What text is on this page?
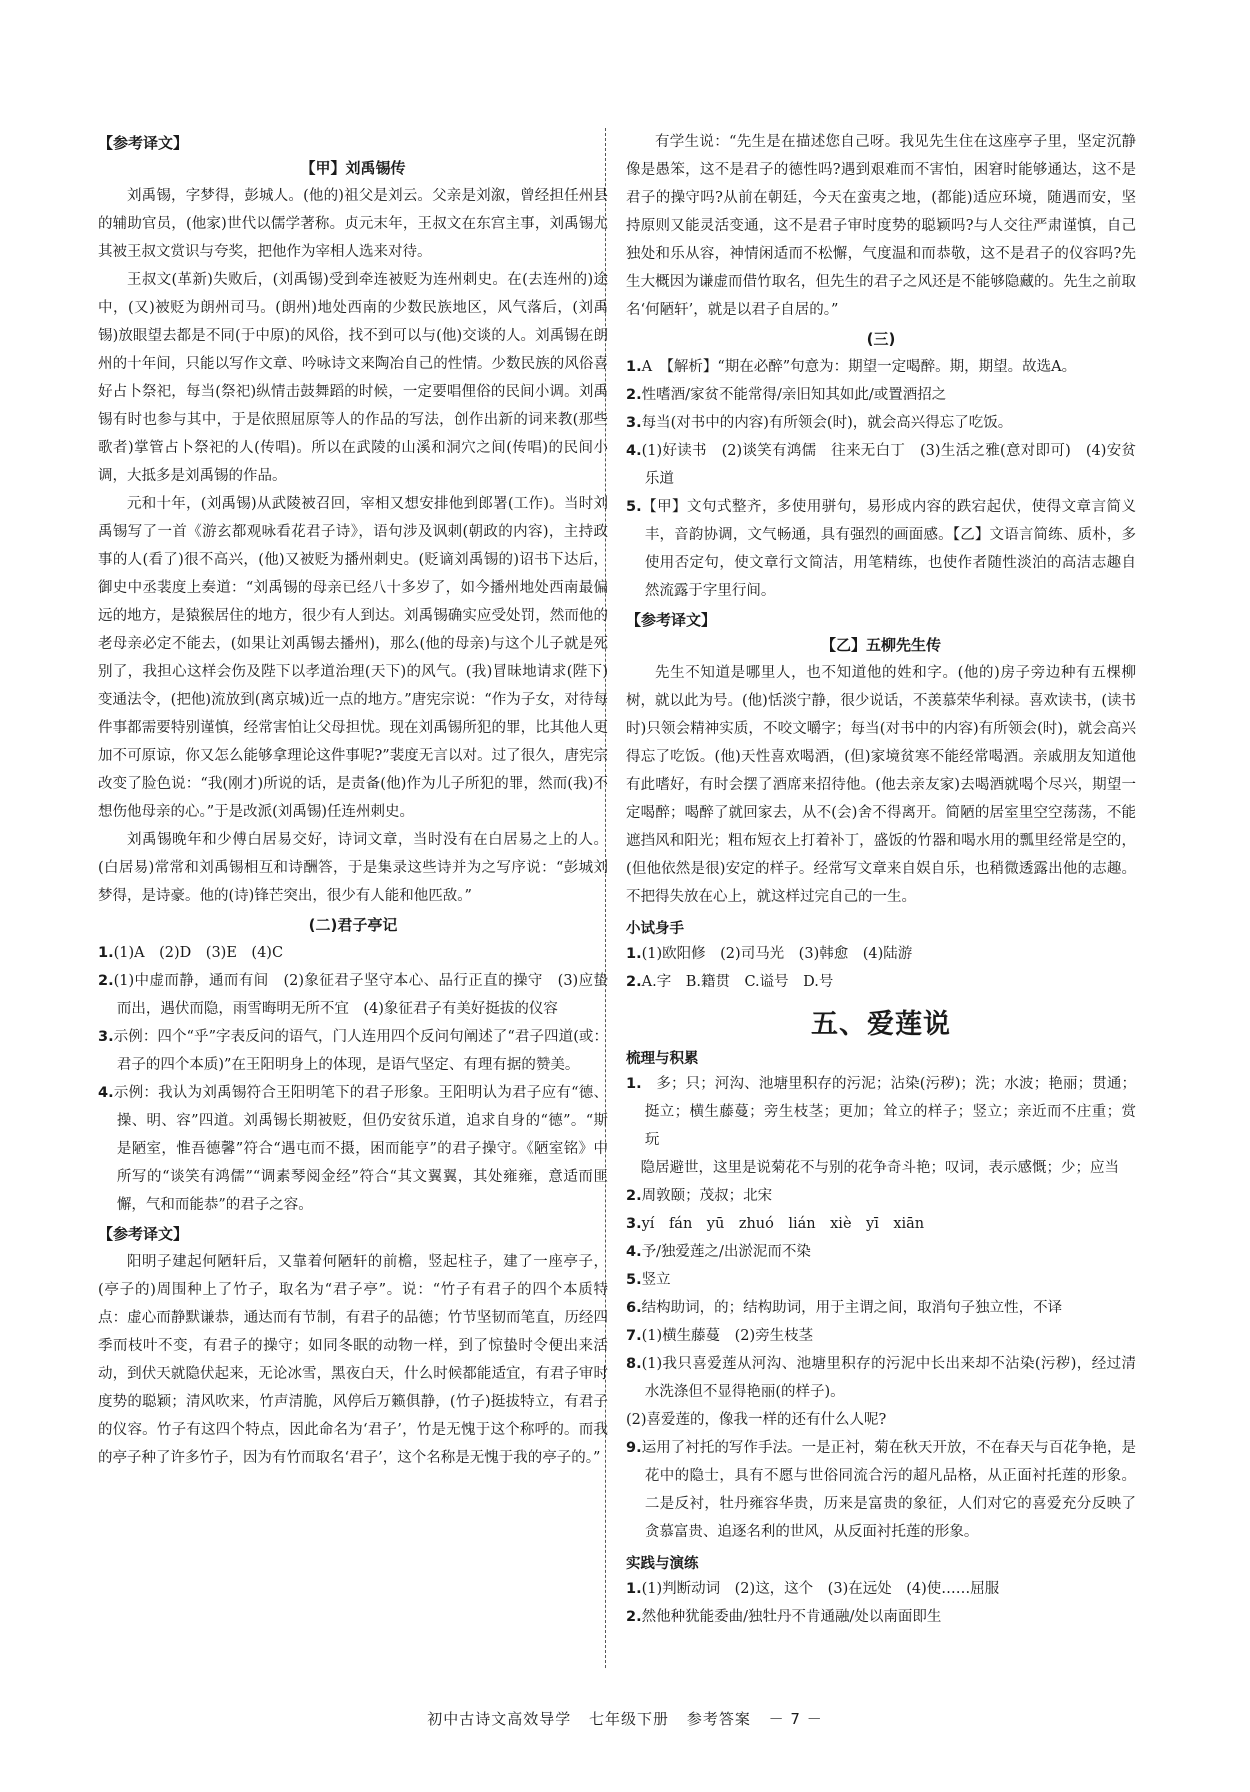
【参考译文】
【甲】刘禹锡传

刘禹锡，字梦得，彭城人。(他的)祖父是刘云。父亲是刘溆，曾经担任州县的辅助官员，(他家)世代以儒学著称。贞元末年，王叔文在东宫主事，刘禹锡尤其被王叔文赏识与夸奖，把他作为宰相人选来对待。

王叔文(革新)失败后，(刘禹锡)受到牵连被贬为连州刺史。在(去连州的)途中，(又)被贬为朗州司马。(朗州)地处西南的少数民族地区，风气落后，(刘禹锡)放眼望去都是不同(于中原)的风俗，找不到可以与(他)交谈的人。刘禹锡在朗州的十年间，只能以写作文章、吟咏诗文来陶冶自己的性情。少数民族的风俗喜好占卜祭祀，每当(祭祀)纵情击鼓舞蹈的时候，一定要唱俚俗的民间小调。刘禹锡有时也参与其中，于是依照屈原等人的作品的写法，创作出新的词来教(那些歌者)掌管占卜祭祀的人(传唱)。所以在武陵的山溪和洞穴之间(传唱)的民间小调，大抵多是刘禹锡的作品。

元和十年，(刘禹锡)从武陵被召回，宰相又想安排他到郎署(工作)。当时刘禹锡写了一首《游玄都观咏看花君子诗》，语句涉及讽刺(朝政的内容)，主持政事的人(看了)很不高兴，(他)又被贬为播州刺史。(贬谪刘禹锡的)诏书下达后，御史中丞裴度上奏道：“刘禹锡的母亲已经八十多岁了，如今播州地处西南最偏远的地方，是猿猴居住的地方，很少有人到达。刘禹锡确实应受处罚，然而他的老母亲必定不能去，(如果让刘禹锡去播州)，那么(他的母亲)与这个儿子就是死别了，我担心这样会伤及陛下以孝道治理(天下)的风气。(我)冒昧地请求(陛下)变通法令，(把他)流放到(离京城)近一点的地方。”唐宪宗说：“作为子女，对待每件事都需要特别谨慎，经常害怕让父母担忧。现在刘禹锡所犯的罪，比其他人更加不可原谅，你又怎么能够拿理论这件事呢?”裴度无言以对。过了很久，唐宪宗改变了脸色说：“我(刚才)所说的话，是责备(他)作为儿子所犯的罪，然而(我)不想伤他母亲的心。”于是改派(刘禹锡)任连州刺史。

刘禹锡晚年和少傅白居易交好，诗词文章，当时没有在白居易之上的人。(白居易)常常和刘禹锡相互和诗酬答，于是集录这些诗并为之写序说：“彭城刘梦得，是诗豪。他的(诗)锋芒突出，很少有人能和他匹敌。”

(二)君子亭记

1.(1)A　(2)D　(3)E　(4)C

2.(1)中虚而静，通而有间　(2)象征君子坚守本心、品行正直的操守　(3)应蛰而出，遇伏而隐，雨雪晦明无所不宜　(4)象征君子有美好挺拔的仪容

3.示例：四个“乎”字表反问的语气，门人连用四个反问句阐述了“君子四道(或：君子的四个本质)”在王阳明身上的体现，是语气坚定、有理有据的赞美。

4.示例：我认为刘禹锡符合王阳明笔下的君子形象。王阳明认为君子应有“德、操、明、容”四道。刘禹锡长期被贬，但仍安贫乐道，追求自身的“德”。“斯是陋室，惟吾德馨”符合“遇屯而不摄，困而能亨”的君子操守。《陋室铭》中所写的“谈笑有鸿儒”“调素琴阅金经”符合“其文翼翼，其处雍雍，意适而匪懈，气和而能恭”的君子之容。

【参考译文】

阳明子建起何陋轩后，又靠着何陋轩的前檐，竖起柱子，建了一座亭子，(亭子的)周围种上了竹子，取名为“君子亭”。说：“竹子有君子的四个本质特点：虚心而静默谦恭，通达而有节制，有君子的品德；竹节坚韧而笔直，历经四季而枝叶不变，有君子的操守；如同冬眠的动物一样，到了惊蛰时令便出来活动，到伏天就隐伏起来，无论冰雪，黑夜白天，什么时候都能适宜，有君子审时度势的聪颖；清风吹来，竹声清脆，风停后万籁俱静，(竹子)挺拔特立，有君子的仪容。竹子有这四个特点，因此命名为‘君子’，竹是无愧于这个称呼的。而我的亭子种了许多竹子，因为有竹而取名‘君子’，这个名称是无愧于我的亭子的。”

有学生说：“先生是在描述您自己呀。我见先生住在这座亭子里，坚定沉静像是愚笨，这不是君子的德性吗?遇到艰难而不害怕，困窘时能够通达，这不是君子的操守吗?从前在朝廷，今天在蛮夷之地，(都能)适应环境，随遇而安，坚持原则又能灵活变通，这不是君子审时度势的聪颖吗?与人交往严肃谨慎，自己独处和乐从容，神情闲适而不松懈，气度温和而恭敬，这不是君子的仪容吗?先生大概因为谦虚而借竹取名，但先生的君子之风还是不能够隐藏的。先生之前取名‘何陋轩’，就是以君子自居的。”

(三)

1.A　【解析】“期在必醉”句意为：期望一定喝醉。期，期望。故选A。

2.性嗜酒/家贫不能常得/亲旧知其如此/或置酒招之

3.每当(对书中的内容)有所领会(时)，就会高兴得忘了吃饭。

4.(1)好读书　(2)谈笑有鸿儒　往来无白丁　(3)生活之雅(意对即可)　(4)安贫乐道

5.【甲】文句式整齐，多使用骈句，易形成内容的跌宕起伏，使得文章言简义丰，音韵协调，文气畅通，具有强烈的画面感。【乙】文语言简练、质朴，多使用否定句，使文章行文简洁，用笔精练，也使作者随性淡泊的高洁志趣自然流露于字里行间。

【参考译文】
【乙】五柳先生传

先生不知道是哪里人，也不知道他的姓和字。(他的)房子旁边种有五棵柳树，就以此为号。(他)恬淡宁静，很少说话，不羡慕荣华利禄。喜欢读书，(读书时)只领会精神实质，不咬文嚼字；每当(对书中的内容)有所领会(时)，就会高兴得忘了吃饭。(他)天性喜欢喝酒，(但)家境贫寒不能经常喝酒。亲戚朋友知道他有此嗜好，有时会摆了酒席来招待他。(他去亲友家)去喝酒就喝个尽兴，期望一定喝醉；喝醉了就回家去，从不(会)舍不得离开。简陋的居室里空空荡荡，不能遮挡风和阳光；粗布短衣上打着补丁，盛饭的竹器和喝水用的瓢里经常是空的，(但他依然是很)安定的样子。经常写文章来自娱自乐，也稍微透露出他的志趣。不把得失放在心上，就这样过完自己的一生。

小试身手

1.(1)欧阳修　(2)司马光　(3)韩愈　(4)陆游

2.A.字　B.籍贯　C.谥号　D.号

五、爱莲说
梳理与积累

1.　多；只；河沟、池塘里积存的污泥；沾染(污秽)；洗；水波；艳丽；贯通；挺立；横生藤蔓；旁生枝茎；更加；耸立的样子；竖立；亲近而不庄重；赏玩

　隐居避世，这里是说菊花不与别的花争奇斗艳；叹词，表示感慨；少；应当

2.周敦颐；茂叔；北宋

3.yí　fán　yū　zhuó　lián　xiè　yī　xiān

4.予/独爱莲之/出淤泥而不染

5.竖立

6.结构助词，的；结构助词，用于主谓之间，取消句子独立性，不译

7.(1)横生藤蔓　(2)旁生枝茎

8.(1)我只喜爱莲从河沟、池塘里积存的污泥中长出来却不沾染(污秽)，经过清水洗涤但不显得艳丽(的样子)。

(2)喜爱莲的，像我一样的还有什么人呢?

9.运用了衬托的写作手法。一是正衬，菊在秋天开放，不在春天与百花争艳，是花中的隐士，具有不愿与世俗同流合污的超凡品格，从正面衬托莲的形象。二是反衬，牡丹雍容华贵，历来是富贵的象征，人们对它的喜爱充分反映了贪慕富贵、追逐名利的世风，从反面衬托莲的形象。

实践与演练

1.(1)判断动词　(2)这，这个　(3)在远处　(4)使……屈服

2.然他种犹能委曲/独牡丹不肯通融/处以南面即生

初中古诗文高效导学 七年级下册 参考答案 － 7 －
